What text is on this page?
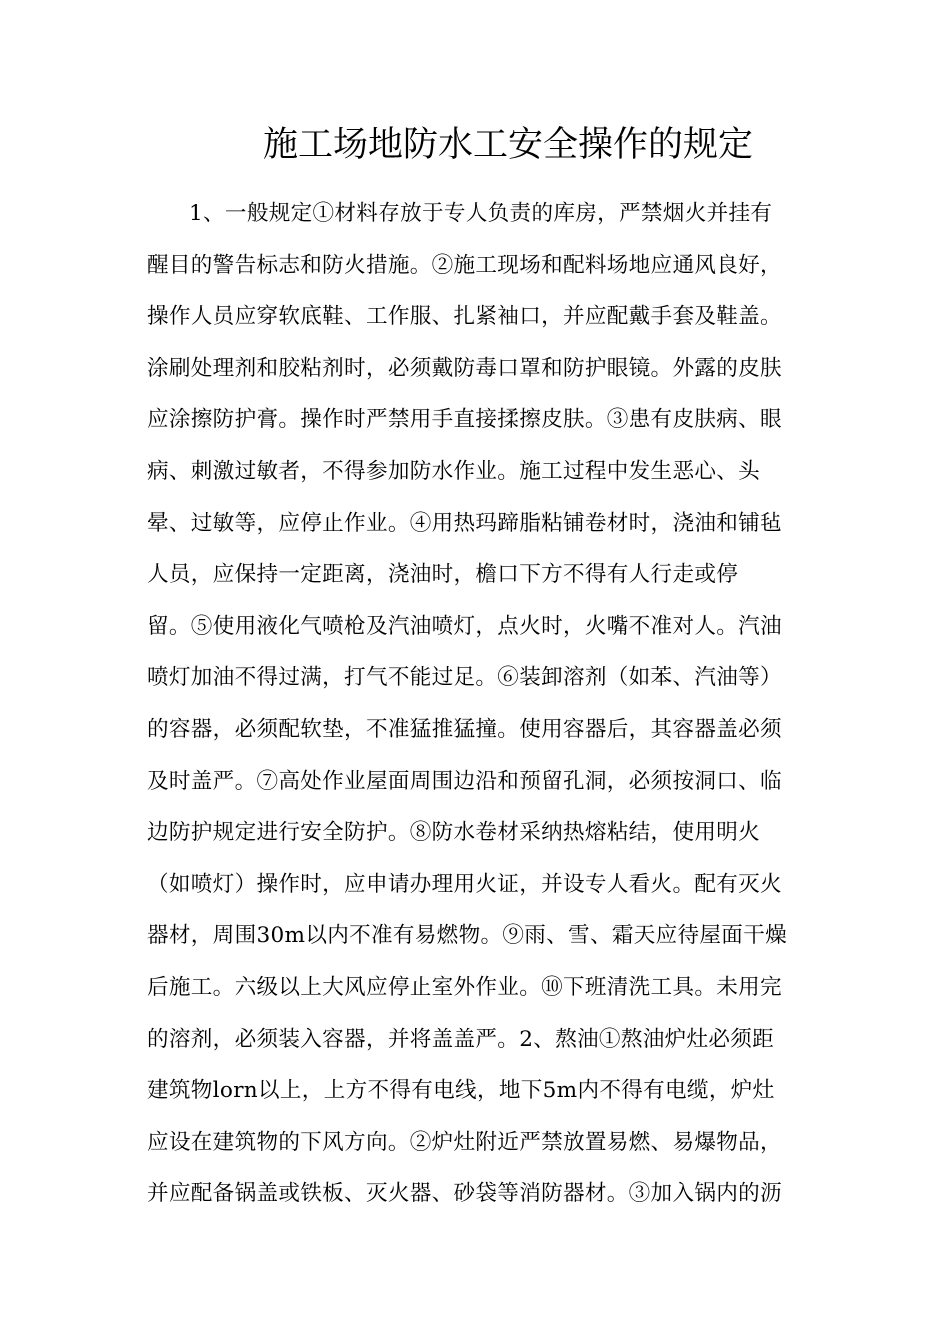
施工场地防水工安全操作的规定
1、一般规定①材料存放于专人负责的库房，严禁烟火并挂有
醒目的警告标志和防火措施。②施工现场和配料场地应通风良好，
操作人员应穿软底鞋、工作服、扎紧袖口，并应配戴手套及鞋盖。
涂刷处理剂和胶粘剂时，必须戴防毒口罩和防护眼镜。外露的皮肤
应涂擦防护膏。操作时严禁用手直接揉擦皮肤。③患有皮肤病、眼
病、刺激过敏者，不得参加防水作业。施工过程中发生恶心、头
晕、过敏等，应停止作业。④用热玛蹄脂粘铺卷材时，浇油和铺毡
人员，应保持一定距离，浇油时，檐口下方不得有人行走或停
留。⑤使用液化气喷枪及汽油喷灯，点火时，火嘴不准对人。汽油
喷灯加油不得过满，打气不能过足。⑥装卸溶剂（如苯、汽油等）
的容器，必须配软垫，不准猛推猛撞。使用容器后，其容器盖必须
及时盖严。⑦高处作业屋面周围边沿和预留孔洞，必须按洞口、临
边防护规定进行安全防护。⑧防水卷材采纳热熔粘结，使用明火
（如喷灯）操作时，应申请办理用火证，并设专人看火。配有灭火
器材，周围30m以内不准有易燃物。⑨雨、雪、霜天应待屋面干燥
后施工。六级以上大风应停止室外作业。⑩下班清洗工具。未用完
的溶剂，必须装入容器，并将盖盖严。2、熬油①熬油炉灶必须距
建筑物lorn以上，上方不得有电线，地下5m内不得有电缆，炉灶
应设在建筑物的下风方向。②炉灶附近严禁放置易燃、易爆物品，
并应配备锅盖或铁板、灭火器、砂袋等消防器材。③加入锅内的沥
